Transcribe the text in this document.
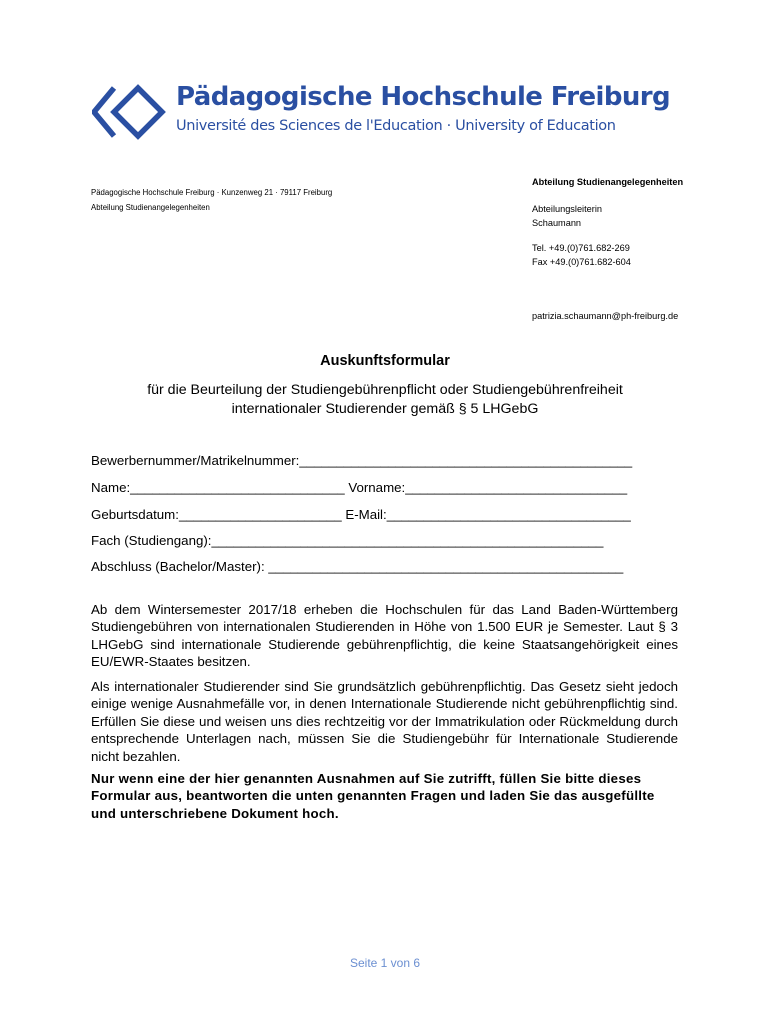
Pädagogische Hochschule Freiburg
Université des Sciences de l'Education · University of Education
Pädagogische Hochschule Freiburg · Kunzenweg 21 · 79117 Freiburg
Abteilung Studienangelegenheiten
Abteilung Studienangelegenheiten
Abteilungsleiterin
Schaumann
Tel. +49.(0)761.682-269
Fax +49.(0)761.682-604
patrizia.schaumann@ph-freiburg.de
Auskunftsformular
für die Beurteilung der Studiengebührenpflicht oder Studiengebührenfreiheit
internationaler Studierender gemäß § 5 LHGebG
Bewerbernummer/Matrikelnummer:_____________________________________________
Name:_____________________________ Vorname:______________________________
Geburtsdatum:______________________ E-Mail:_________________________________
Fach (Studiengang):_____________________________________________________
Abschluss (Bachelor/Master): ________________________________________________
Ab dem Wintersemester 2017/18 erheben die Hochschulen für das Land Baden-Württemberg Studiengebühren von internationalen Studierenden in Höhe von 1.500 EUR je Semester. Laut § 3 LHGebG sind internationale Studierende gebührenpflichtig, die keine Staatsangehörigkeit eines EU/EWR-Staates besitzen.
Als internationaler Studierender sind Sie grundsätzlich gebührenpflichtig. Das Gesetz sieht jedoch einige wenige Ausnahmefälle vor, in denen Internationale Studierende nicht gebührenpflichtig sind. Erfüllen Sie diese und weisen uns dies rechtzeitig vor der Immatrikulation oder Rückmeldung durch entsprechende Unterlagen nach, müssen Sie die Studiengebühr für Internationale Studierende nicht bezahlen.
Nur wenn eine der hier genannten Ausnahmen auf Sie zutrifft, füllen Sie bitte dieses Formular aus, beantworten die unten genannten Fragen und laden Sie das ausgefüllte und unterschriebene Dokument hoch.
Seite 1 von 6
